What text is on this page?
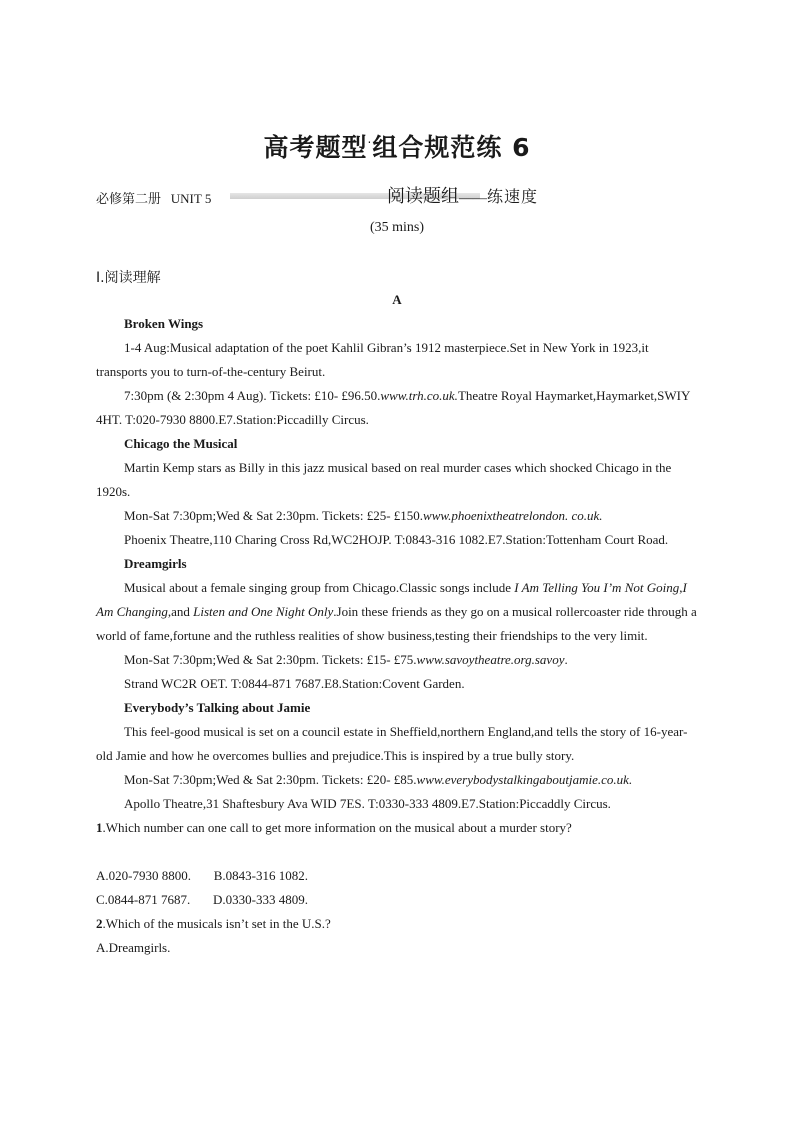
高考题型·组合规范练 6
必修第二册 UNIT 5	阅读题组——练速度
(35 mins)
Ⅰ.阅读理解
A

Broken Wings

1-4 Aug:Musical adaptation of the poet Kahlil Gibran’s 1912 masterpiece.Set in New York in 1923,it transports you to turn-of-the-century Beirut.

7:30pm (& 2:30pm 4 Aug). Tickets: £10- £96.50.www.trh.co.uk.Theatre Royal Haymarket,Haymarket,SWIY 4HT. T:020-7930 8800.E7.Station:Piccadilly Circus.

Chicago the Musical

Martin Kemp stars as Billy in this jazz musical based on real murder cases which shocked Chicago in the 1920s.

Mon-Sat 7:30pm;Wed & Sat 2:30pm. Tickets: £25- £150.www.phoenixtheatrelondon. co.uk.

Phoenix Theatre,110 Charing Cross Rd,WC2HOJP. T:0843-316 1082.E7.Station:Tottenham Court Road.

Dreamgirls

Musical about a female singing group from Chicago.Classic songs include I Am Telling You I’m Not Going,I Am Changing,and Listen and One Night Only.Join these friends as they go on a musical rollercoaster ride through a world of fame,fortune and the ruthless realities of show business,testing their friendships to the very limit.

Mon-Sat 7:30pm;Wed & Sat 2:30pm. Tickets: £15- £75.www.savoytheatre.org.savoy.

Strand WC2R OET. T:0844-871 7687.E8.Station:Covent Garden.

Everybody’s Talking about Jamie

This feel-good musical is set on a council estate in Sheffield,northern England,and tells the story of 16-year-old Jamie and how he overcomes bullies and prejudice.This is inspired by a true bully story.

Mon-Sat 7:30pm;Wed & Sat 2:30pm. Tickets: £20- £85.www.everybodystalkingaboutjamie.co.uk.

Apollo Theatre,31 Shaftesbury Ava WID 7ES. T:0330-333 4809.E7.Station:Piccaddly Circus.

1.Which number can one call to get more information on the musical about a murder story?

A.020-7930 8800.       B.0843-316 1082.

C.0844-871 7687.       D.0330-333 4809.

2.Which of the musicals isn’t set in the U.S.?

A.Dreamgirls.
